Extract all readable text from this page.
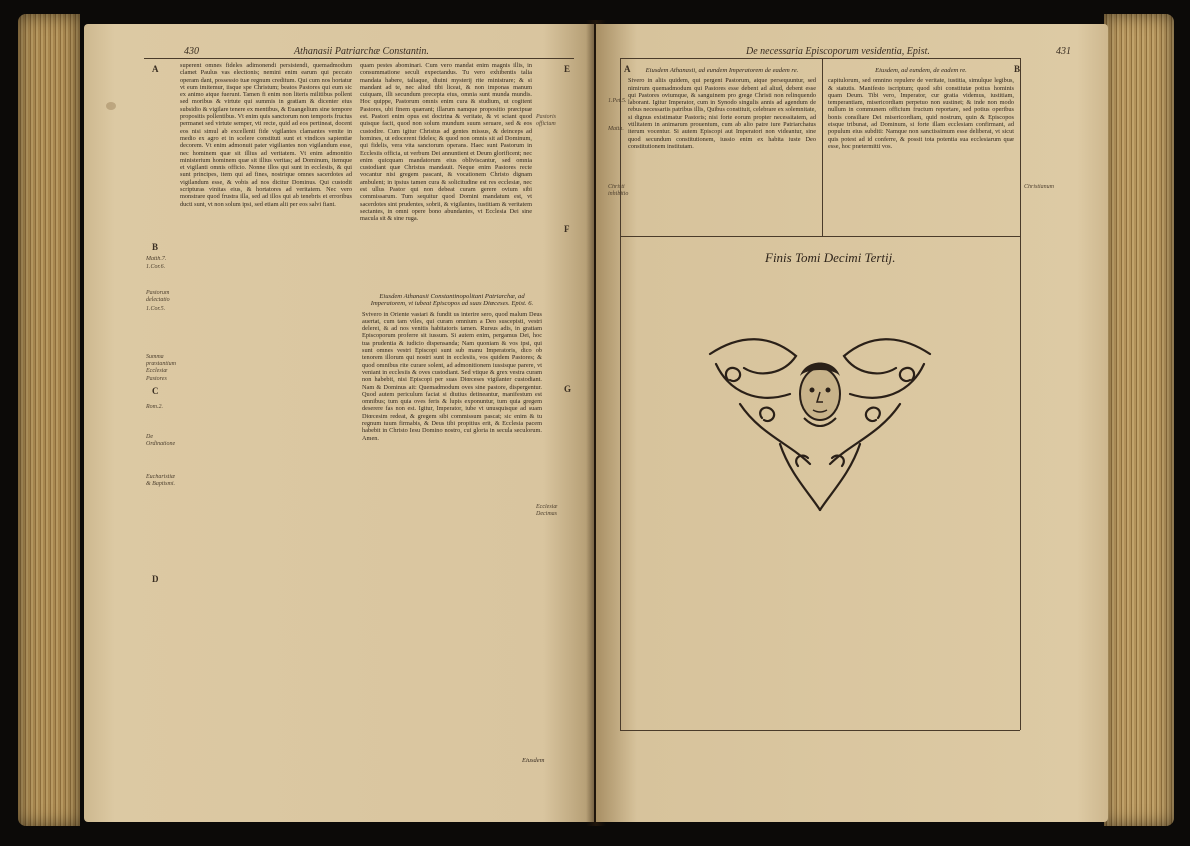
430	Athanasii Patriarchæ Constantin.
A
B
C
D
E
F
G
Matth.7.
1.Cor.6.
Pastorum delectatio
1.Cor.5.
Summa præstantium Ecclesiæ Pastores
Rom.2.
De Ordinatione
Eucharistiæ & Baptismi.
Pastoris officium
Ecclesiæ Decimas

superent omnes fideles adimonendi persistendi, quemadmodum clamet Paulus vas electionis; nemini enim earum qui peccato operam dant, possessio tuæ regnum creditum. Qui cum nos hortatur vt eum imitemur, iisque spe Christum; beatos Pastores qui eum sic ex animo atque fuerunt. Tamen fi enim non literis militibus pollent sed moribus & virtute qui summis in gratiam & dicenter eius subsidio & vigilare tenere ex mentibus, & Euangelium sine tempore propositis pollentibus. Vt enim quis sanctorum non temporis fructus permanet sed virtute semper, vti recte, quid ad eos pertineat, docent eos nisi simul ab excellenti fide vigilantes clamantes venite in medio ex agro et in scelere constituti sunt et vindices sapientiæ decorem. Vt enim admonuit pater vigiliantes non vigilandum esse, nec hominem quæ sit illius ad veritatem. Vt enim admonitio ministerium hominem quæ sit illius veritas; ad Dominum, itemque et vigilanti omnis officio. Nonne illos qui sunt in ecclesiis, & qui sunt principes, item qui ad fines, nostrique omnes sacerdotes ad vigilandum esse, & vobis ad nos dicitur Dominus. Qui custodit scripturas vinitas eius, & hortatores ad veritatem. Nec vero monstrare quod frustra illa, sed ad illos qui ab tenebris et erroribus ducti sunt, vt non solum ipsi, sed etiam alii per eos salvi fiant.

quam pestes abominari. Cum vero mandat enim magnis illis, in consummatione seculi expectandus. Tu vero exhibentis talia mandata habere, taliaque, diuini mysterij rite ministrare; & si mandant ad te, nec aliud tibi liceat, & non imponas manum cuiquam, illi secundum precepta eius, omnia sunt munda mundis. Hoc quippe, Pastorum omnis enim cura & studium, ut cogitent Pastores, ubi finem quærant; illarum namque propositio præcipuæ est. Pastori enim opus est doctrina & veritate, & vt sciant quod quisque facit, quod non solum mundum suum seruare, sed & eos custodire. Cum igitur Christus ad gentes missus, & deinceps ad homines, ut edocerent fideles; & quod non omnis sit ad Dominum, qui fidelis, vera vita sanctorum operans. Haec sunt Pastorum in Ecclesiis officia, ut verbum Dei annuntient et Deum glorificent; nec enim quicquam mandatorum eius obliviscantur, sed omnia custodiant quæ Christus mandauit. Neque enim Pastores recte vocantur nisi gregem pascant, & vocationem Christo dignam ambulent; in ipsius tamen cura & solicitudine est res ecclesiæ, nec est ullus Pastor qui non debeat curam gerere ovium sibi commissarum. Tum sequitur quod Domini mandatum est, vt sacerdotes sint prudentes, sobrii, & vigilantes, iustitiam & veritatem sectantes, in omni opere bono abundantes, vt Ecclesia Dei sine macula sit & sine ruga.

Eiusdem
De necessaria Episcoporum vesidentia, Epist.	431
A	B
1.Pet.5.
Matth.
Christi inhibitio
Christianum

Eiusdem Athanasii, ad eundem Imperatorem de eadem re.

Sivero in aliis quidem, qui pergent Pastorum, atque persequuntur, sed nimirum quemadmodum qui Pastores esse debent ad aliud, debent esse qui Pastores oviumque, & sanguinem pro grege Christi non relinquendo laborant. Igitur Imperator, cum in Synodo singulis annis ad agendum de rebus necessariis patribus illis, Quibus constituit, celebrare ex solemnitate, si dignus existimatur Pastoris; nisi forte eorum propter necessitatem, ad vtilitatem in animarum prouentum, cum ab alio patre iure Patriarchatus iterum vocentur. Si autem Episcopi aut Imperatori non videantur, sine quod secundum constitutionem, iussio enim ex habita iuste Deo constitutionem institutam.

Eiusdem, ad eundem, de eadem re.

capitulorum, sed omnino repulere de veritate, iustitia, simulque legibus, & statutis. Manifesto iscriptum; quod sibi constitutæ potius hominis quam Deum. Tibi vero, Imperator, cur gratia videmus, iustitiam, temperantiam, misericordiam perpetuo non sustinet; & inde non modo nullum in communem officium fructum reportare, sed potius operibus bonis consiliare Dei misericordiam, quid nostrum, quin & Episcopos eisque tribunat, ad Dominum, si forte illam ecclesiam confirmant, ad populum eius subditi: Namque non sanctissimum esse deliberat, vt sicut quis potest ad id conferre, & possit tota potentia sua ecclesiarum quæ esse, hoc prætermitti vos.

Finis Tomi Decimi Tertij.

Eiusdem Athanasii Constantinopolitani Patriarchæ, ad Imperatorem, vt iubeat Episcopos ad suas Diœceses. Epist. 6.

Svivero in Oriente vastari & fundit us interire sero, quod malum Deus auertat, cum tam viles, qui curam omnium a Deo suscepisti, vestri delerei, & ad nos venitis habitatoris tamen. Rursus adis, in gratiam Episcoporum proferre sit iussum. Si autem enim, pergamus Dei, hoc tua prudentia & iudicio dispensanda; Nam quoniam & vos ipsi, qui sunt omnes vestri Episcopi sunt sub manu Imperatoris, dico ob tenorem illorum qui nostri sunt in ecclesiis, vos quidem Pastores; & quod omnibus rite curare solent, ad admonitionem iussisque parere, vt veniant in ecclesiis & oves custodiant. Sed vtique & grex vestra curam non habebit, nisi Episcopi per suas Diœceses vigilanter custodiant. Nam & Dominus ait: Quemadmodum oves sine pastore, dispergentur. Quod autem periculum faciat si diutius detineantur, manifestum est omnibus; tum quia oves feris & lupis exponuntur, tum quia gregem deserere fas non est. Igitur, Imperator, iube vt unusquisque ad suam Diœcesim redeat, & gregem sibi commissum pascat; sic enim & tu regnum tuum firmabis, & Deus tibi propitius erit, & Ecclesia pacem habebit in Christo Iesu Domino nostro, cui gloria in secula seculorum. Amen.
